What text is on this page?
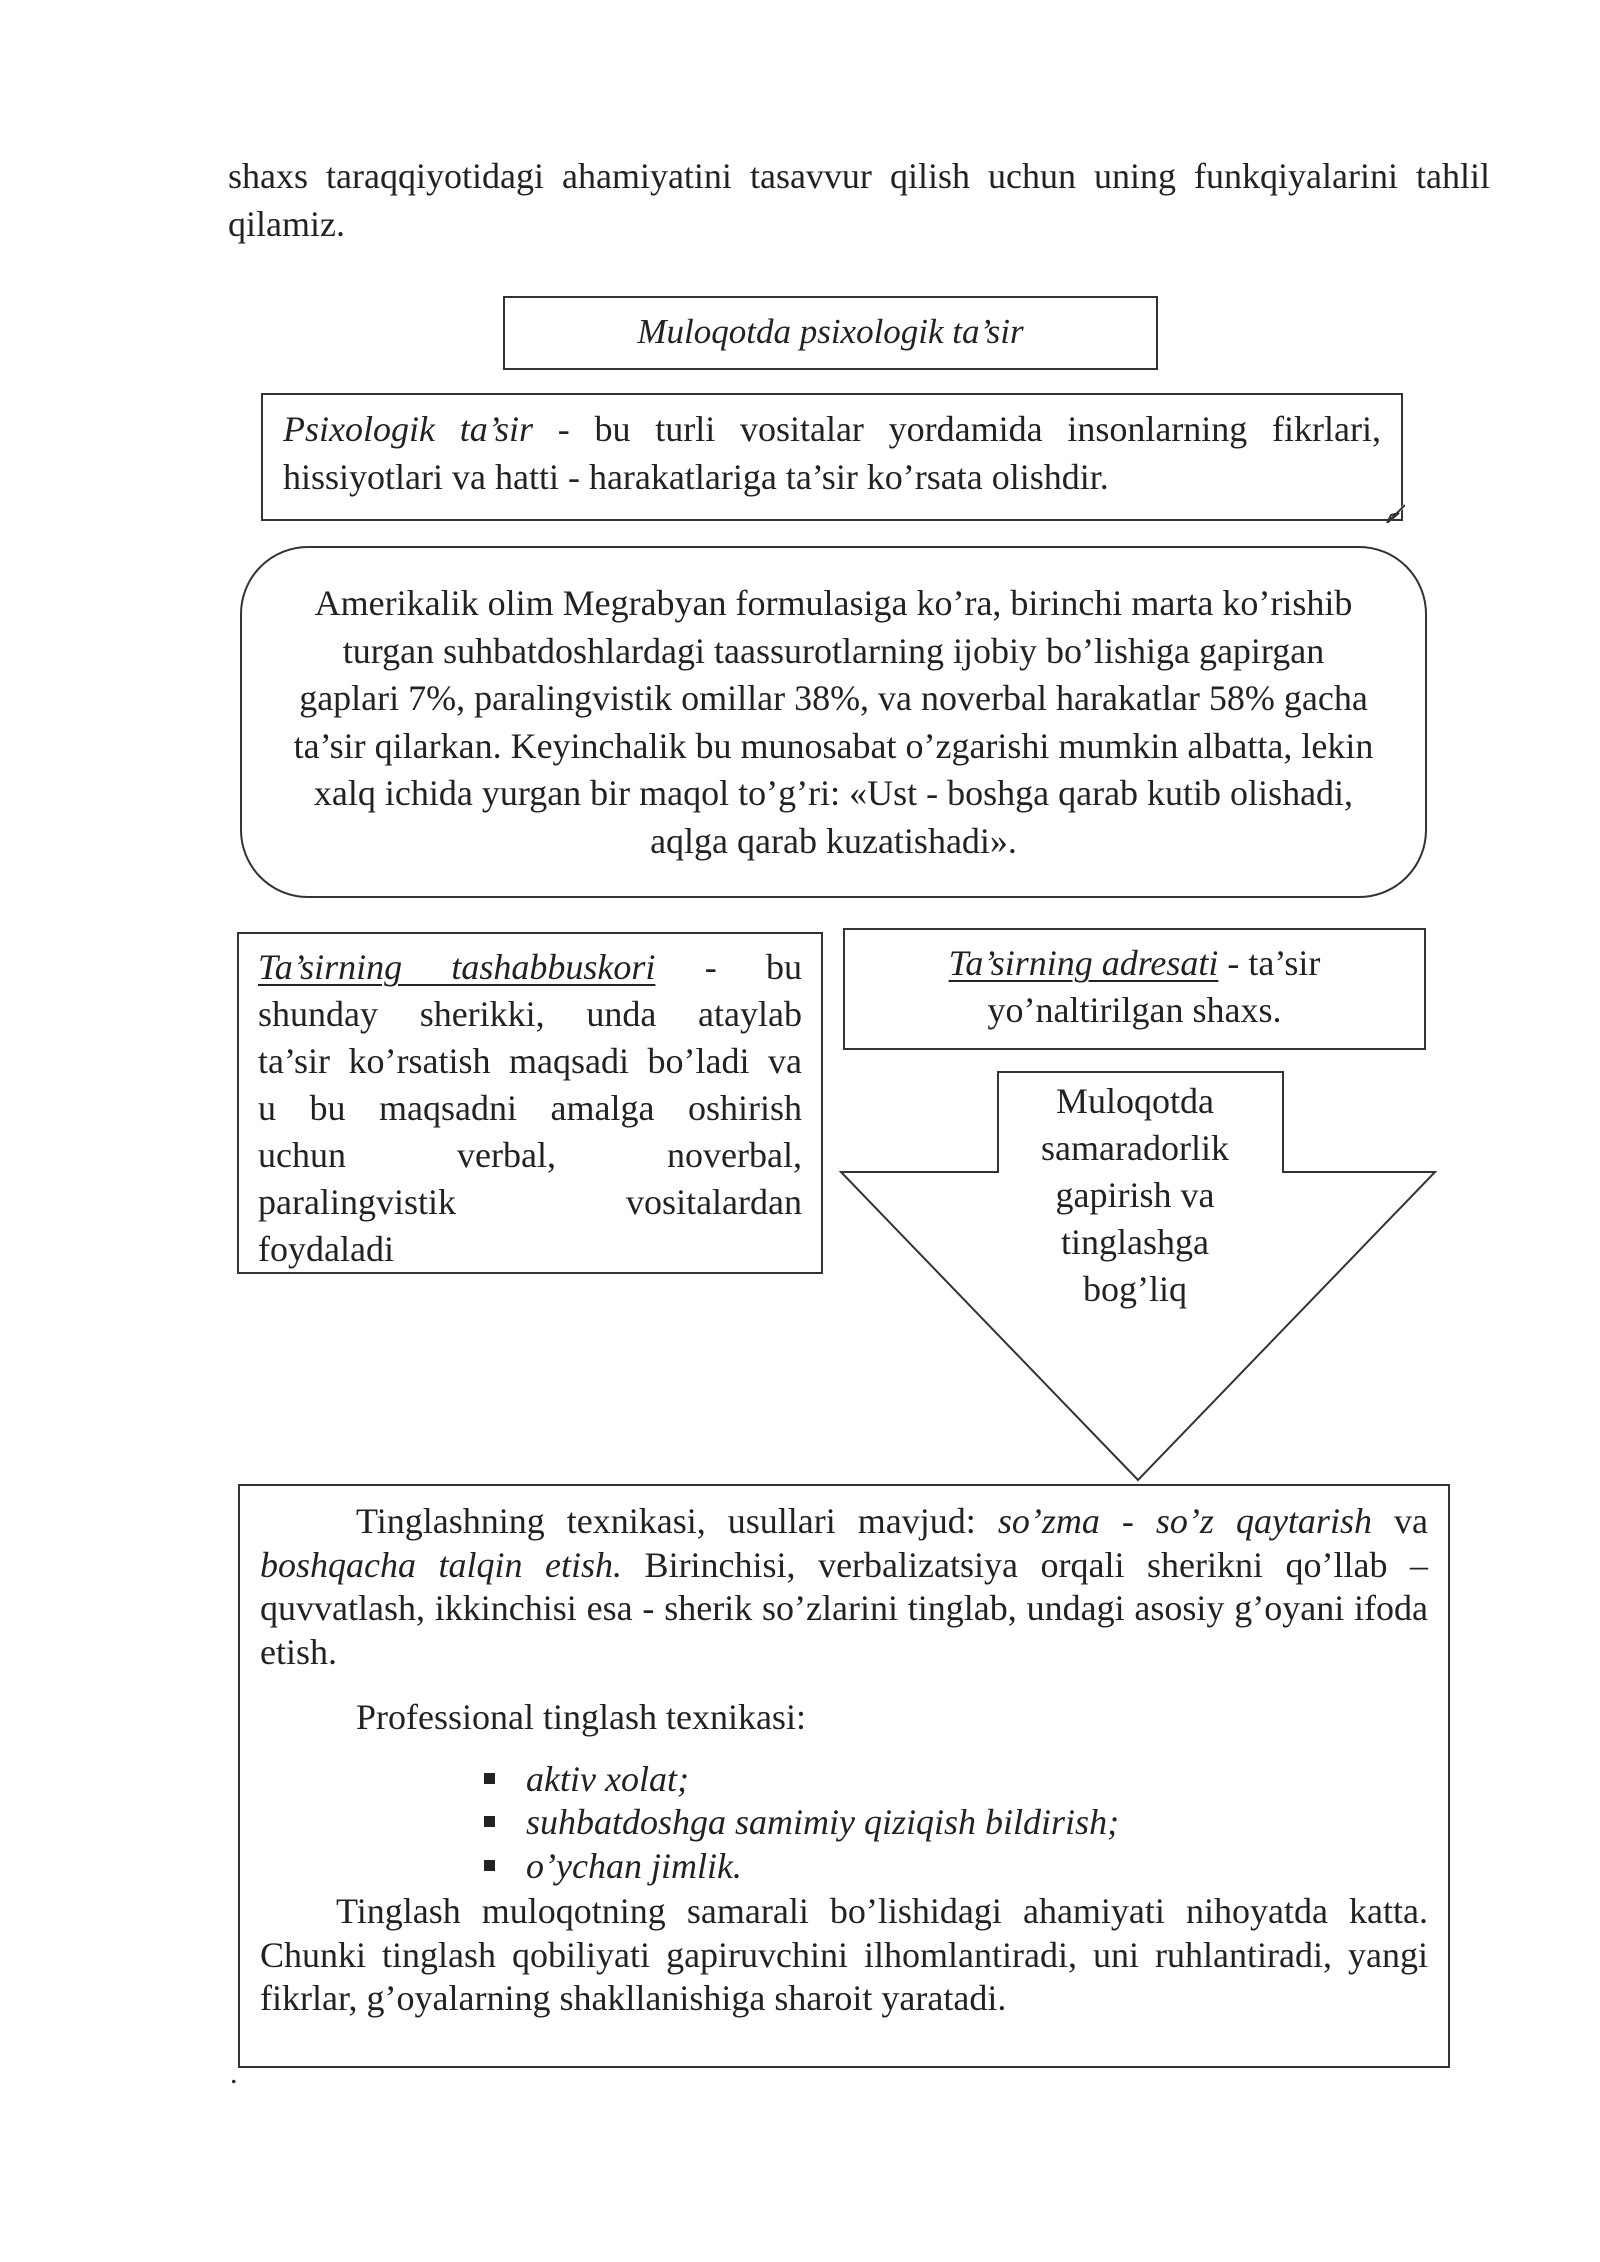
shaxs taraqqiyotidagi ahamiyatini tasavvur qilish uchun uning funkqiyalarini tahlil qilamiz.
Muloqotda psixologik ta’sir
Psixologik ta’sir - bu turli vositalar yordamida insonlarning fikrlari, hissiyotlari va hatti - harakatlariga ta’sir ko’rsata olishdir.
Amerikalik olim Megrabyan formulasiga ko’ra, birinchi marta ko’rishib turgan suhbatdoshlardagi taassurotlarning ijobiy bo’lishiga gapirgan gaplari 7%, paralingvistik omillar 38%, va noverbal harakatlar 58% gacha ta’sir qilarkan. Keyinchalik bu munosabat o’zgarishi mumkin albatta, lekin xalq ichida yurgan bir maqol to’g’ri: «Ust - boshga qarab kutib olishadi, aqlga qarab kuzatishadi».
Ta’sirning tashabbuskori - bu
shunday sherikki, unda ataylab
ta’sir ko’rsatish maqsadi bo’ladi va
u bu maqsadni amalga oshirish
uchun verbal, noverbal,
paralingvistik vositalardan
foydaladi
Ta’sirning adresati - ta’sir yo’naltirilgan shaxs.
Muloqotda
samaradorlik
gapirish va
tinglashga
bog’liq

Tinglashning texnikasi, usullari mavjud: so’zma - so’z qaytarish va boshqacha talqin etish. Birinchisi, verbalizatsiya orqali sherikni qo’llab – quvvatlash, ikkinchisi esa - sherik so’zlarini tinglab, undagi asosiy g’oyani ifoda etish.

Professional tinglash texnikasi:

aktiv xolat;
suhbatdoshga samimiy qiziqish bildirish;
o’ychan jimlik.

Tinglash muloqotning samarali bo’lishidagi ahamiyati nihoyatda katta. Chunki tinglash qobiliyati gapiruvchini ilhomlantiradi, uni ruhlantiradi, yangi fikrlar, g’oyalarning shakllanishiga sharoit yaratadi.

.
